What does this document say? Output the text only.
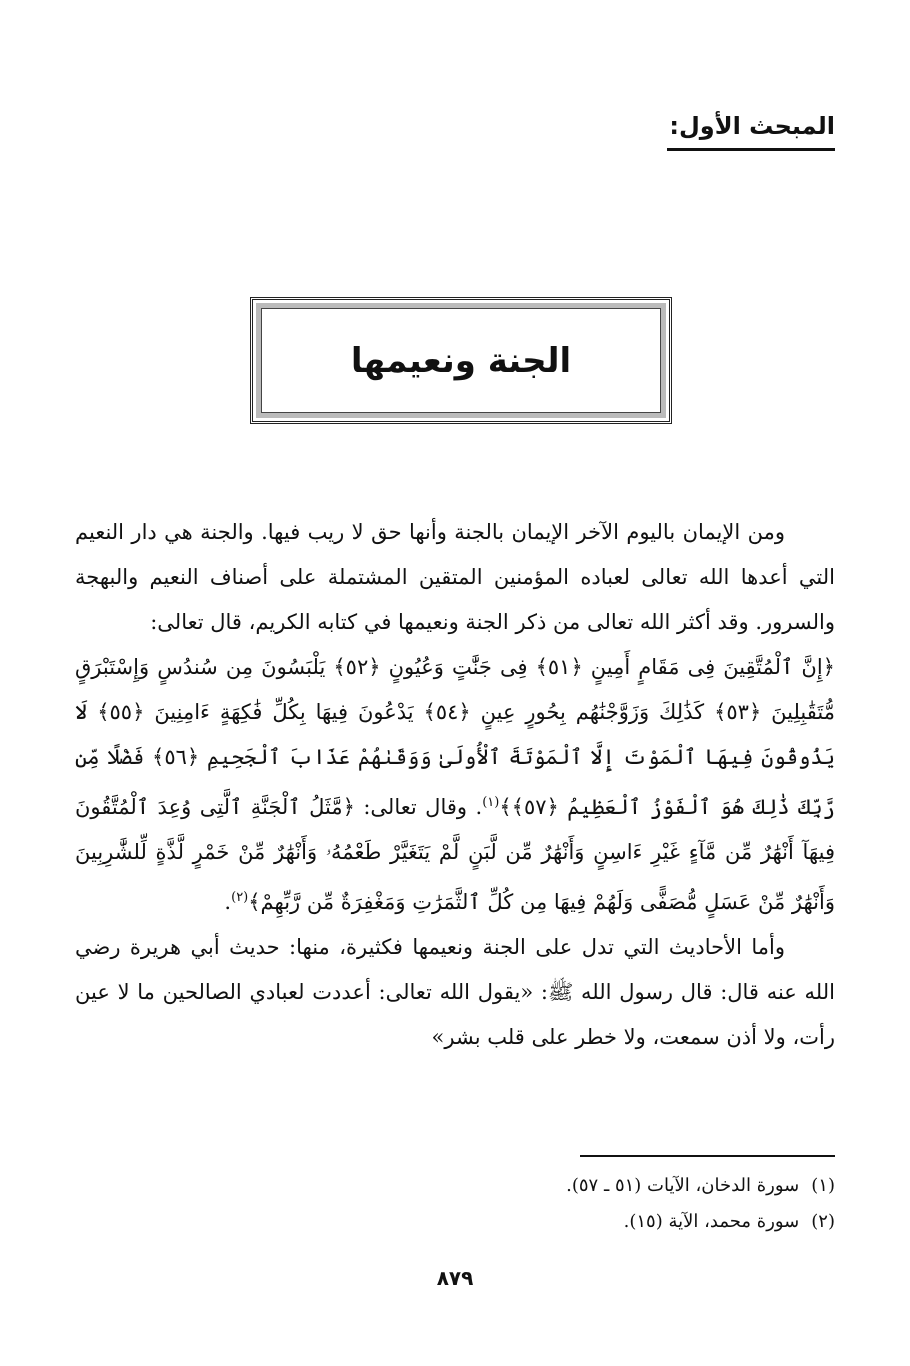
المبحث الأول:
الجنة ونعيمها

ومن الإيمان باليوم الآخر الإيمان بالجنة وأنها حق لا ريب فيها. والجنة هي دار النعيم التي أعدها الله تعالى لعباده المؤمنين المتقين المشتملة على أصناف النعيم والبهجة والسرور. وقد أكثر الله تعالى من ذكر الجنة ونعيمها في كتابه الكريم، قال تعالى:

﴿إِنَّ ٱلْمُتَّقِينَ فِى مَقَامٍ أَمِينٍ ﴿٥١﴾ فِى جَنَّٰتٍ وَعُيُونٍ ﴿٥٢﴾ يَلْبَسُونَ مِن سُندُسٍ وَإِسْتَبْرَقٍ مُّتَقَٰبِلِينَ ﴿٥٣﴾ كَذَٰلِكَ وَزَوَّجْنَٰهُم بِحُورٍ عِينٍ ﴿٥٤﴾ يَدْعُونَ فِيهَا بِكُلِّ فَٰكِهَةٍ ءَامِنِينَ ﴿٥٥﴾ لَا يَذُوقُونَ فِيهَا ٱلْمَوْتَ إِلَّا ٱلْمَوْتَةَ ٱلْأُولَىٰ وَوَقَىٰهُمْ عَذَابَ ٱلْجَحِيمِ ﴿٥٦﴾ فَضْلًا مِّن رَّبِّكَ ذَٰلِكَ هُوَ ٱلْفَوْزُ ٱلْعَظِيمُ ﴿٥٧﴾﴾$^{(١)}$. وقال تعالى: ﴿مَّثَلُ ٱلْجَنَّةِ ٱلَّتِى وُعِدَ ٱلْمُتَّقُونَ فِيهَآ أَنْهَٰرٌ مِّن مَّآءٍ غَيْرِ ءَاسِنٍ وَأَنْهَٰرٌ مِّن لَّبَنٍ لَّمْ يَتَغَيَّرْ طَعْمُهُۥ وَأَنْهَٰرٌ مِّنْ خَمْرٍ لَّذَّةٍ لِّلشَّٰرِبِينَ وَأَنْهَٰرٌ مِّنْ عَسَلٍ مُّصَفًّى وَلَهُمْ فِيهَا مِن كُلِّ ٱلثَّمَرَٰتِ وَمَغْفِرَةٌ مِّن رَّبِّهِمْ﴾$^{(٢)}$.

وأما الأحاديث التي تدل على الجنة ونعيمها فكثيرة، منها: حديث أبي هريرة رضي الله عنه قال: قال رسول الله ﷺ: «يقول الله تعالى: أعددت لعبادي الصالحين ما لا عين رأت، ولا أذن سمعت، ولا خطر على قلب بشر»

(١)
سورة الدخان، الآيات (٥١ ـ ٥٧).
(٢)
سورة محمد، الآية (١٥).
٨٧٩
